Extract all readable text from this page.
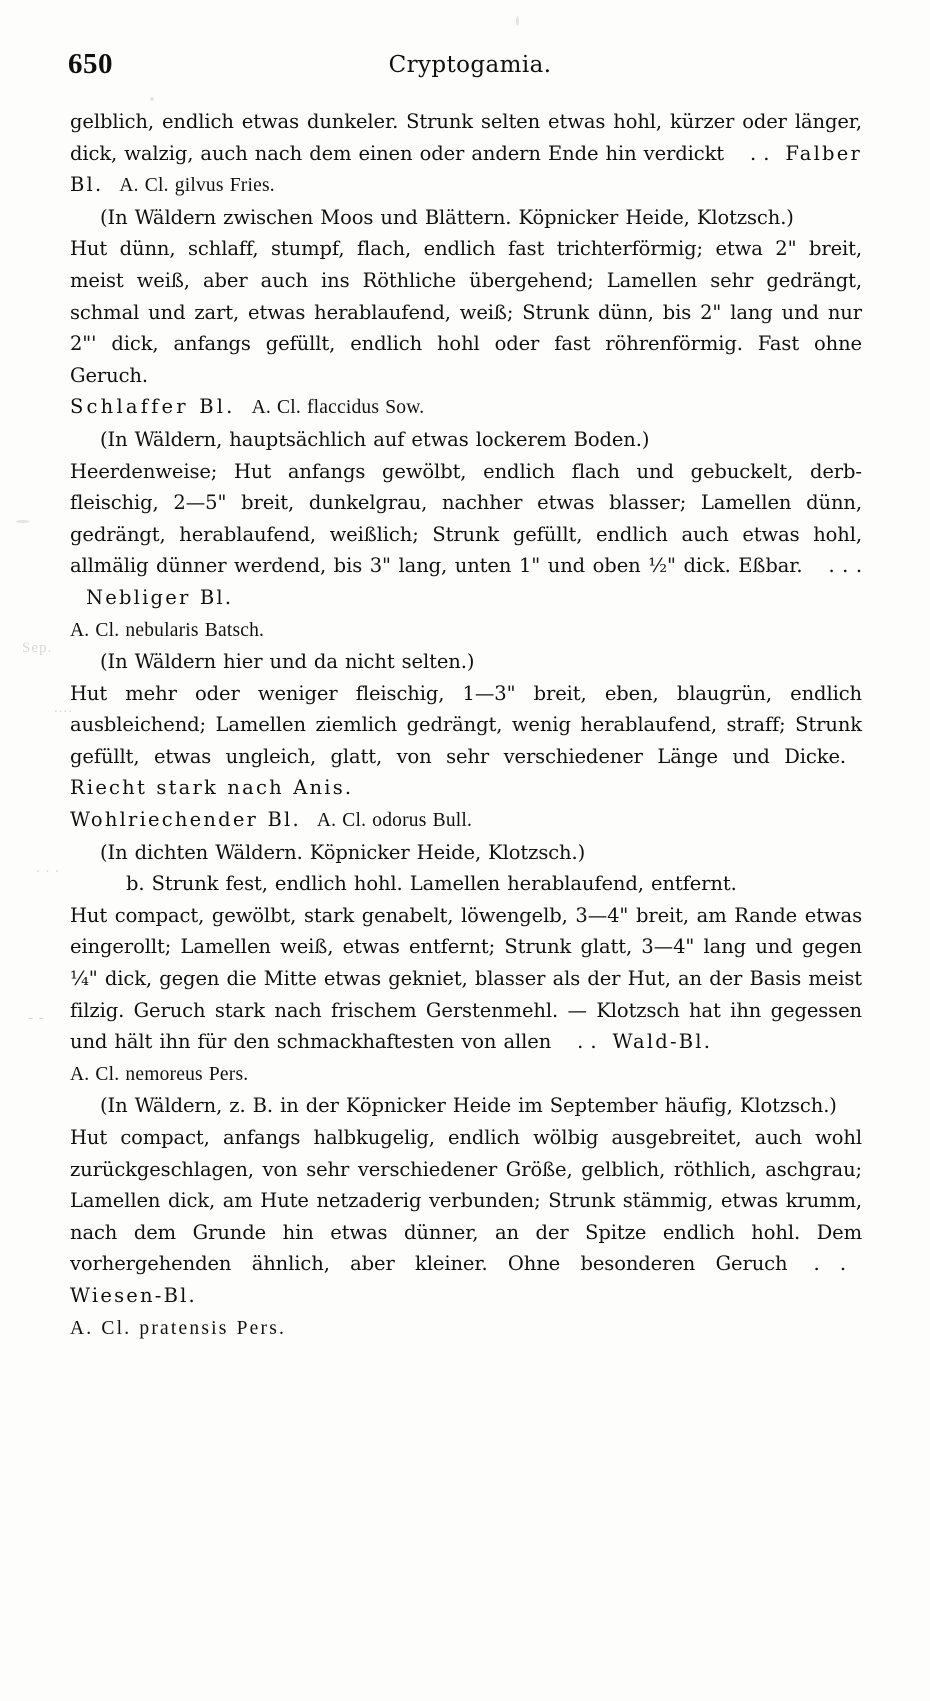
Sep.
....
. . .
- -
650	Cryptogamia.

gelblich, endlich etwas dunkeler. Strunk selten etwas hohl, kürzer oder länger, dick, walzig, auch nach dem einen oder andern Ende hin verdickt . . Falber Bl. A. Cl. gilvus Fries.

(In Wäldern zwischen Moos und Blättern. Köpnicker Heide, Klotzsch.)

Hut dünn, schlaff, stumpf, flach, endlich fast trichterförmig; etwa 2" breit, meist weiß, aber auch ins Röthliche übergehend; Lamellen sehr gedrängt, schmal und zart, etwas herablaufend, weiß; Strunk dünn, bis 2" lang und nur 2"' dick, anfangs gefüllt, endlich hohl oder fast röhrenförmig. Fast ohne Geruch.

Schlaffer Bl. A. Cl. flaccidus Sow.

(In Wäldern, hauptsächlich auf etwas lockerem Boden.)

Heerdenweise; Hut anfangs gewölbt, endlich flach und gebuckelt, derbfleischig, 2—5" breit, dunkelgrau, nachher etwas blasser; Lamellen dünn, gedrängt, herablaufend, weißlich; Strunk gefüllt, endlich auch etwas hohl, allmälig dünner werdend, bis 3" lang, unten 1" und oben ½" dick. Eßbar. . . .Nebliger Bl.

A. Cl. nebularis Batsch.

(In Wäldern hier und da nicht selten.)

Hut mehr oder weniger fleischig, 1—3" breit, eben, blaugrün, endlich ausbleichend; Lamellen ziemlich gedrängt, wenig herablaufend, straff; Strunk gefüllt, etwas ungleich, glatt, von sehr verschiedener Länge und Dicke.Riecht stark nach Anis.

Wohlriechender Bl. A. Cl. odorus Bull.

(In dichten Wäldern. Köpnicker Heide, Klotzsch.)

b. Strunk fest, endlich hohl. Lamellen herablaufend, entfernt.

Hut compact, gewölbt, stark genabelt, löwengelb, 3—4" breit, am Rande etwas eingerollt; Lamellen weiß, etwas entfernt; Strunk glatt, 3—4" lang und gegen ¼" dick, gegen die Mitte etwas gekniet, blasser als der Hut, an der Basis meist filzig. Geruch stark nach frischem Gerstenmehl. — Klotzsch hat ihn gegessen und hält ihn für den schmackhaftesten von allen . . Wald-Bl.

A. Cl. nemoreus Pers.

(In Wäldern, z. B. in der Köpnicker Heide im September häufig, Klotzsch.)

Hut compact, anfangs halbkugelig, endlich wölbig ausgebreitet, auch wohl zurückgeschlagen, von sehr verschiedener Größe, gelblich, röthlich, aschgrau; Lamellen dick, am Hute netzaderig verbunden; Strunk stämmig, etwas krumm, nach dem Grunde hin etwas dünner, an der Spitze endlich hohl. Dem vorhergehenden ähnlich, aber kleiner. Ohne besonderen Geruch . .Wiesen-Bl.

A. Cl. pratensis Pers.
